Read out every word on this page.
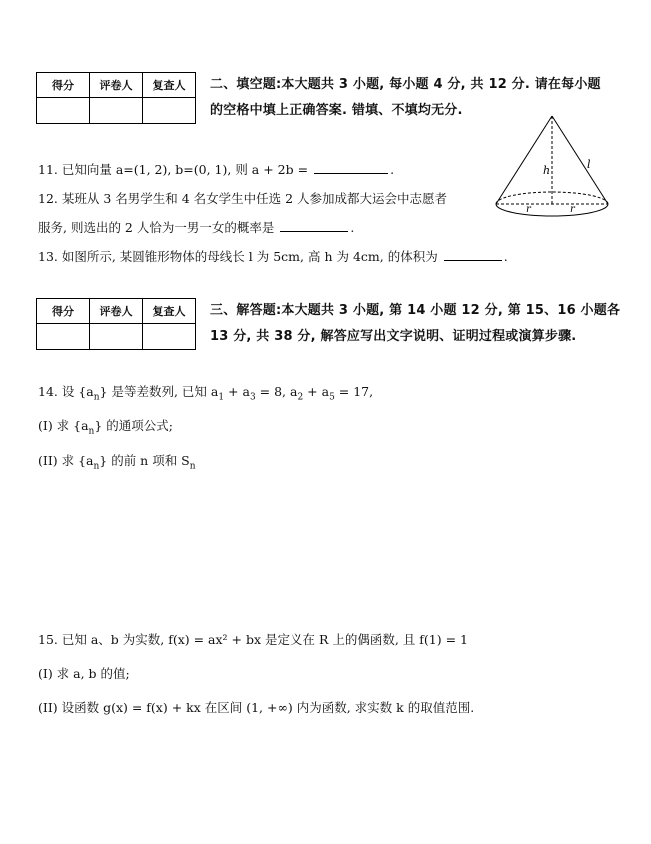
得分	评卷人	复查人
		二、填空题:本大题共 3 小题, 每小题 4 分, 共 12 分. 请在每小题
的空格中填上正确答案. 错填、不填均无分.
h	l
r	r
11. 已知向量 a=(1, 2), b=(0, 1), 则 a + 2b =	.
12. 某班从 3 名男学生和 4 名女学生中任选 2 人参加成都大运会中志愿者
服务, 则选出的 2 人恰为一男一女的概率是	.
13. 如图所示, 某圆锥形物体的母线长 l 为 5cm, 高 h 为 4cm, 的体积为	.
得分	评卷人	复查人
		三、解答题:本大题共 3 小题, 第 14 小题 12 分, 第 15、16 小题各
13 分, 共 38 分, 解答应写出文字说明、证明过程或演算步骤.
14. 设 $\{a_n\}$ 是等差数列, 已知 $a_1 + a_3 = 8$, $a_2 + a_5 = 17$,
(I) 求 $\{a_n\}$ 的通项公式;
(II) 求 $\{a_n\}$ 的前 n 项和 $S_n$
15. 已知 a、b 为实数, f(x) = ax² + bx 是定义在 R 上的偶函数, 且 f(1) = 1
(I) 求 a, b 的值;
(II) 设函数 g(x) = f(x) + kx 在区间 (1, +∞) 内为函数, 求实数 k 的取值范围.
